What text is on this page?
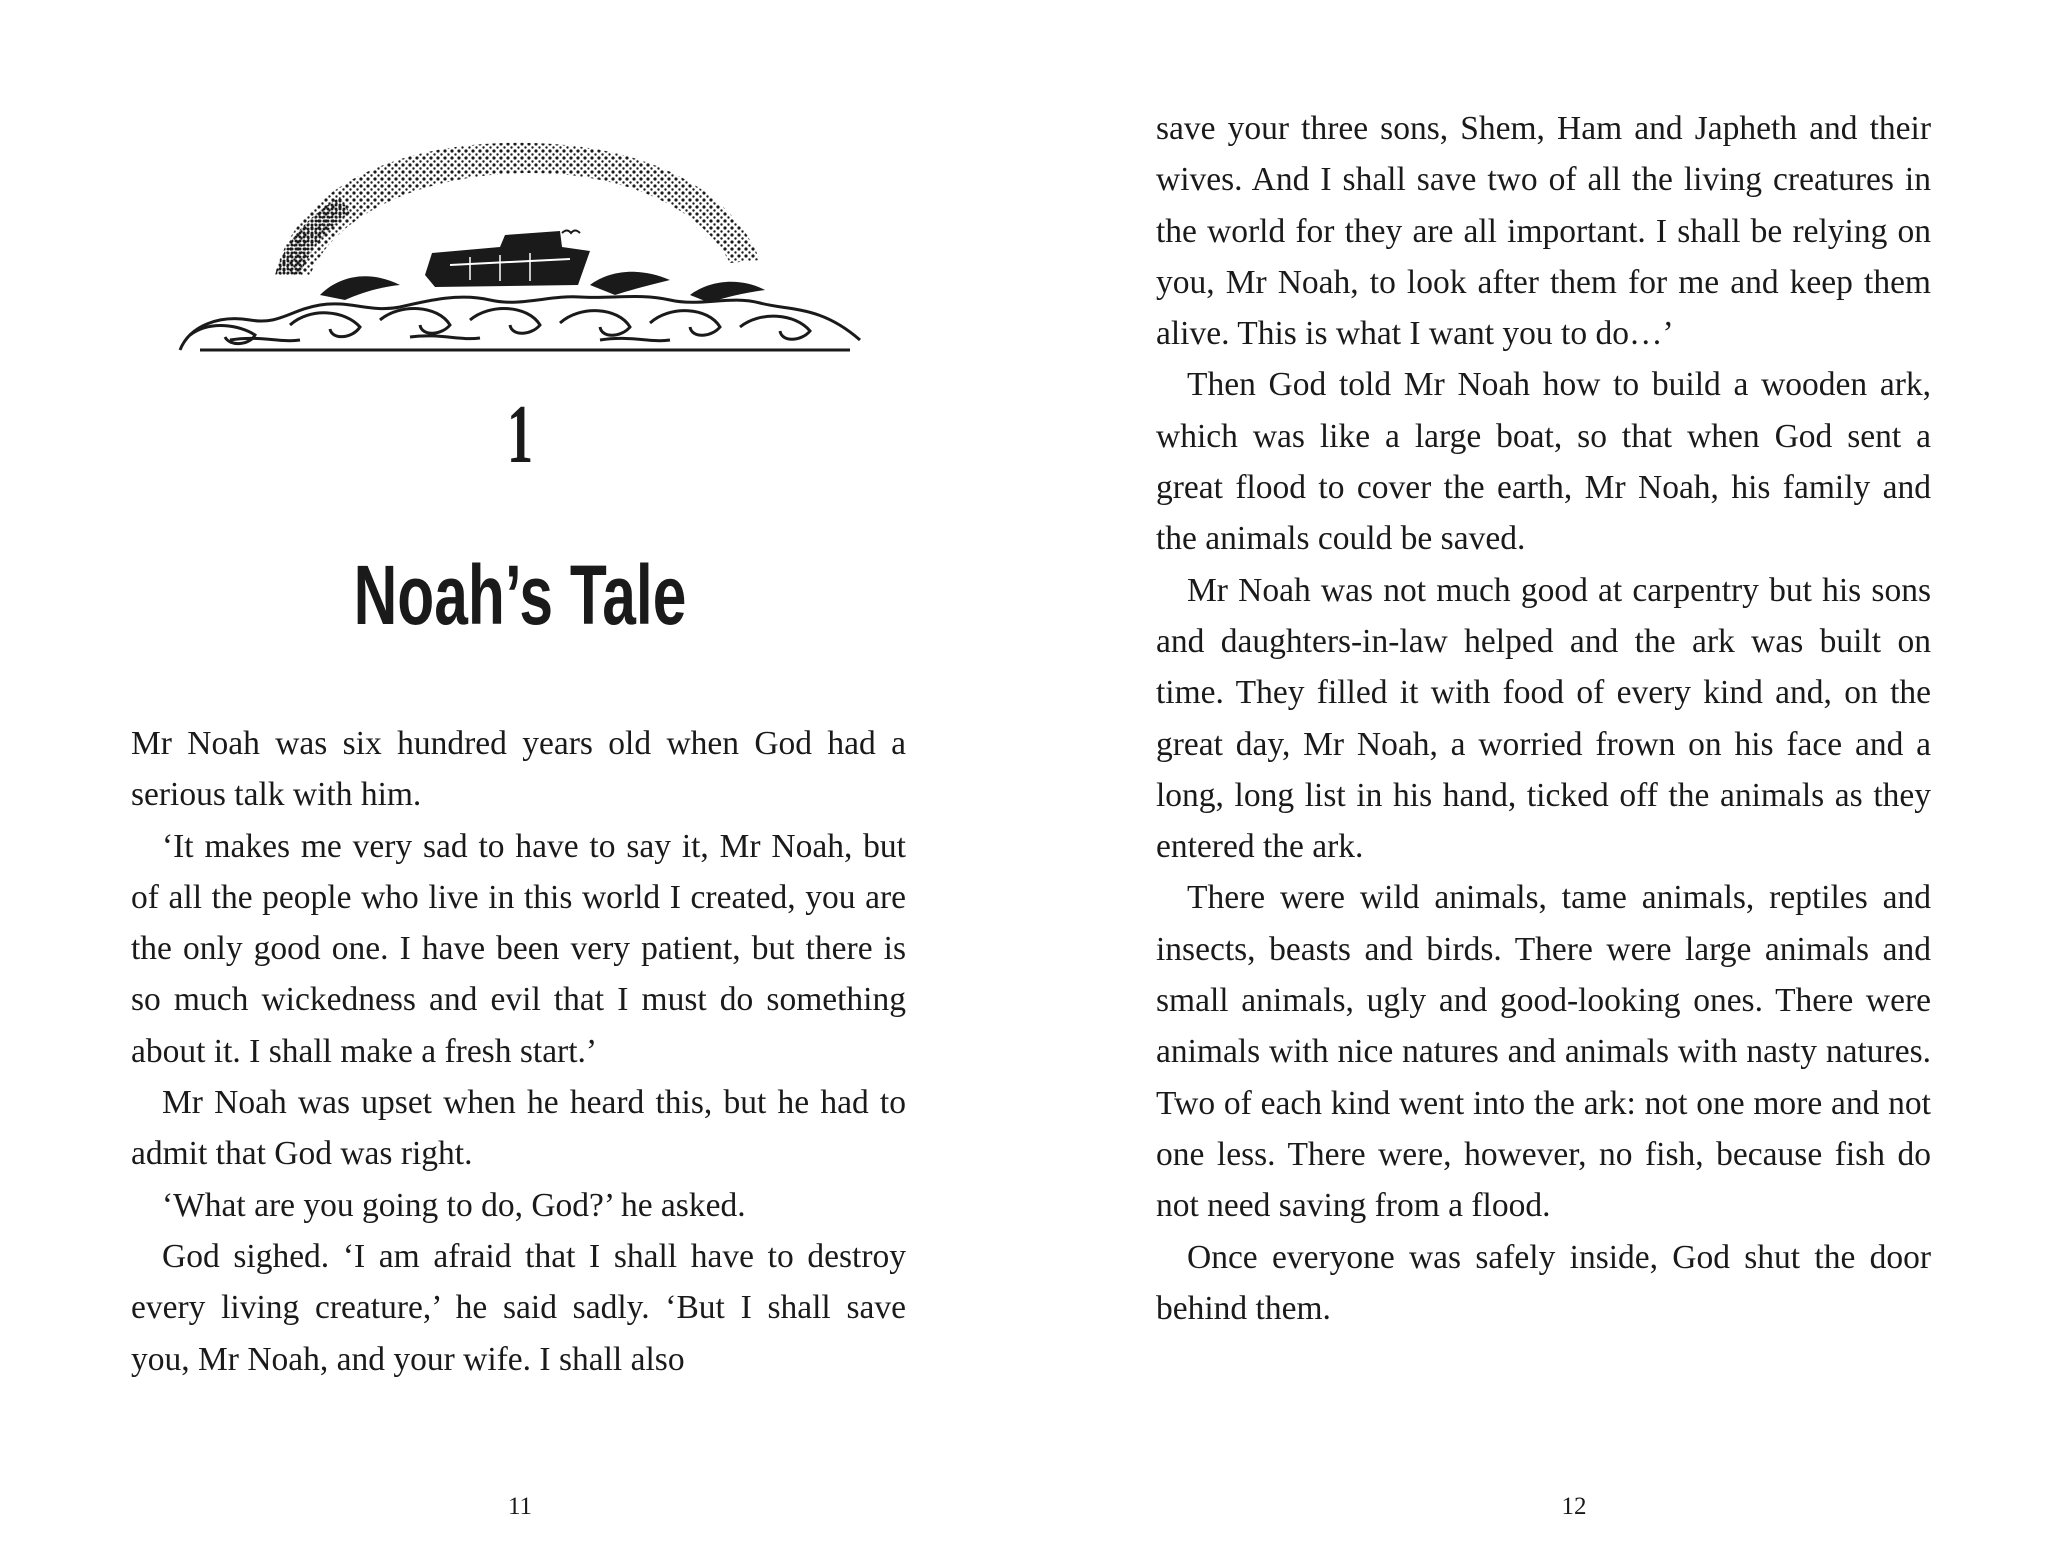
1
Noah’s Tale

Mr Noah was six hundred years old when God had a serious talk with him.

‘It makes me very sad to have to say it, Mr Noah, but of all the people who live in this world I created, you are the only good one. I have been very patient, but there is so much wickedness and evil that I must do something about it. I shall make a fresh start.’

Mr Noah was upset when he heard this, but he had to admit that God was right.

‘What are you going to do, God?’ he asked.

God sighed. ‘I am afraid that I shall have to destroy every living creature,’ he said sadly. ‘But I shall save you, Mr Noah, and your wife. I shall also

11

save your three sons, Shem, Ham and Japheth and their wives. And I shall save two of all the living creatures in the world for they are all important. I shall be relying on you, Mr Noah, to look after them for me and keep them alive. This is what I want you to do…’

Then God told Mr Noah how to build a wooden ark, which was like a large boat, so that when God sent a great flood to cover the earth, Mr Noah, his family and the animals could be saved.

Mr Noah was not much good at carpentry but his sons and daughters-in-law helped and the ark was built on time. They filled it with food of every kind and, on the great day, Mr Noah, a worried frown on his face and a long, long list in his hand, ticked off the animals as they entered the ark.

There were wild animals, tame animals, reptiles and insects, beasts and birds. There were large animals and small animals, ugly and good-looking ones. There were animals with nice natures and animals with nasty natures. Two of each kind went into the ark: not one more and not one less. There were, however, no fish, because fish do not need saving from a flood.

Once everyone was safely inside, God shut the door behind them.

12
